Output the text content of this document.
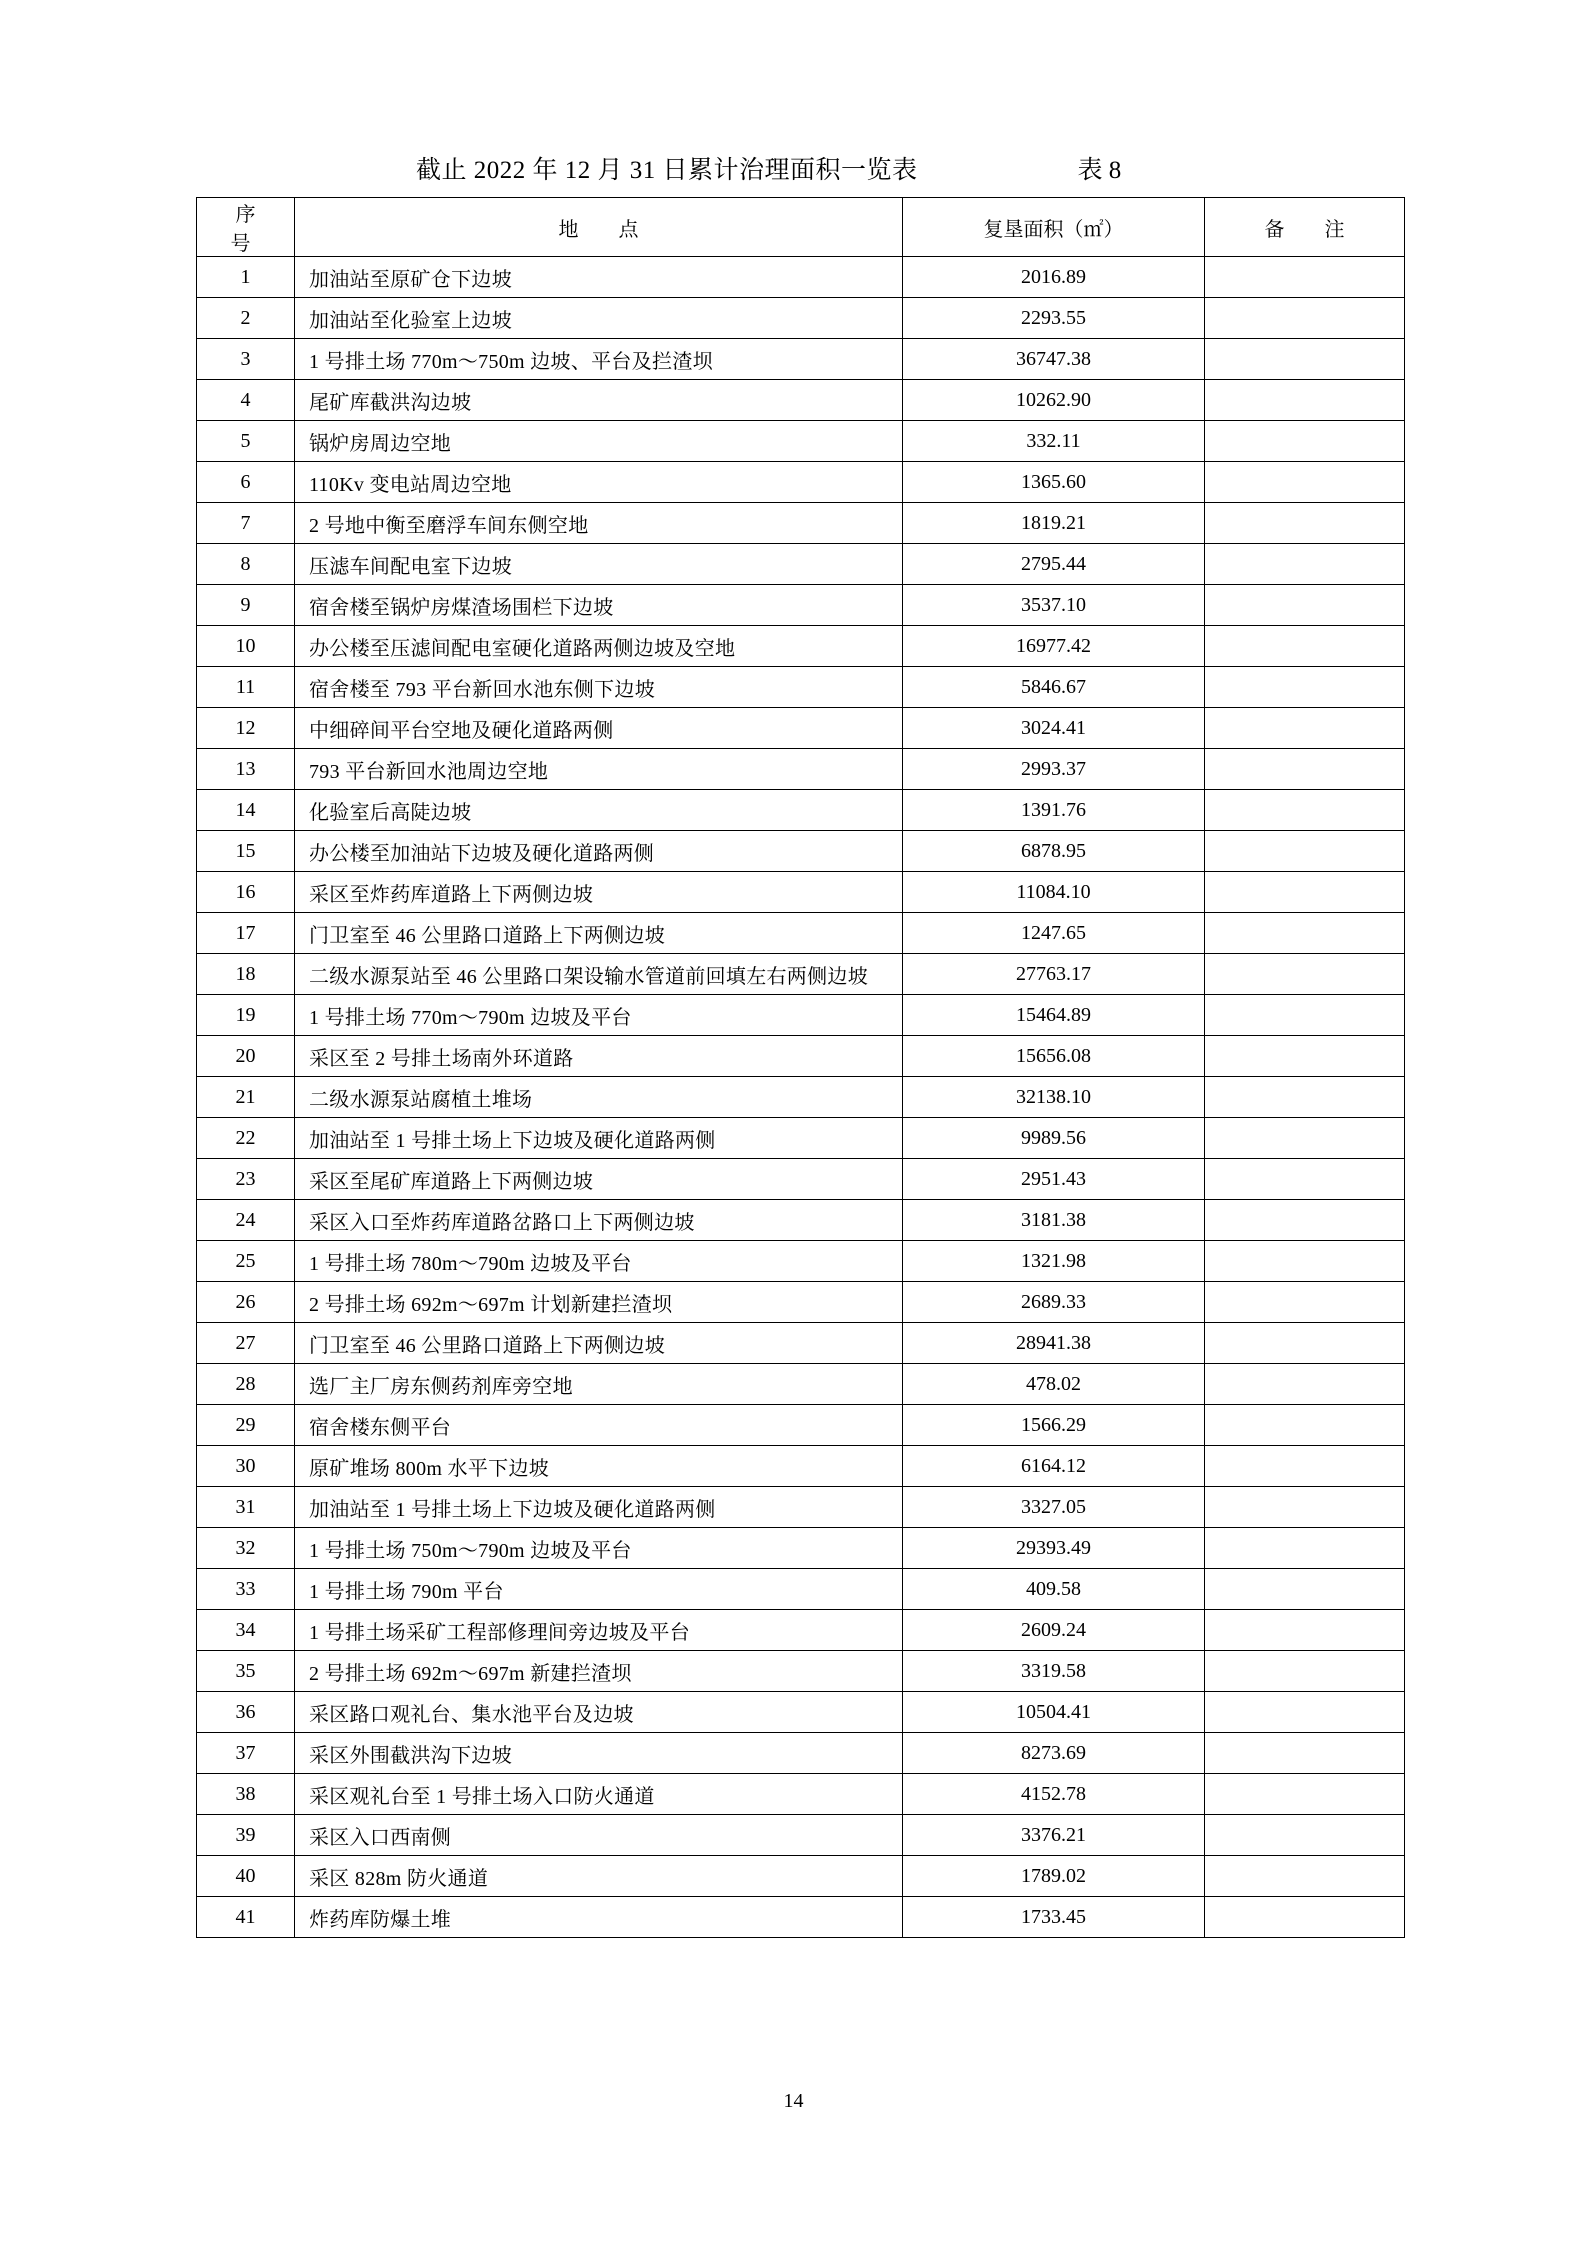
截止 2022 年 12 月 31 日累计治理面积一览表	表 8
序　号	地　点	复垦面积（㎡）	备　注
1	加油站至原矿仓下边坡	2016.89	
2	加油站至化验室上边坡	2293.55	
3	1 号排土场 770m～750m 边坡、平台及拦渣坝	36747.38	
4	尾矿库截洪沟边坡	10262.90	
5	锅炉房周边空地	332.11	
6	110Kv 变电站周边空地	1365.60	
7	2 号地中衡至磨浮车间东侧空地	1819.21	
8	压滤车间配电室下边坡	2795.44	
9	宿舍楼至锅炉房煤渣场围栏下边坡	3537.10	
10	办公楼至压滤间配电室硬化道路两侧边坡及空地	16977.42	
11	宿舍楼至 793 平台新回水池东侧下边坡	5846.67	
12	中细碎间平台空地及硬化道路两侧	3024.41	
13	793 平台新回水池周边空地	2993.37	
14	化验室后高陡边坡	1391.76	
15	办公楼至加油站下边坡及硬化道路两侧	6878.95	
16	采区至炸药库道路上下两侧边坡	11084.10	
17	门卫室至 46 公里路口道路上下两侧边坡	1247.65	
18	二级水源泵站至 46 公里路口架设输水管道前回填左右两侧边坡	27763.17	
19	1 号排土场 770m～790m 边坡及平台	15464.89	
20	采区至 2 号排土场南外环道路	15656.08	
21	二级水源泵站腐植土堆场	32138.10	
22	加油站至 1 号排土场上下边坡及硬化道路两侧	9989.56	
23	采区至尾矿库道路上下两侧边坡	2951.43	
24	采区入口至炸药库道路岔路口上下两侧边坡	3181.38	
25	1 号排土场 780m～790m 边坡及平台	1321.98	
26	2 号排土场 692m～697m 计划新建拦渣坝	2689.33	
27	门卫室至 46 公里路口道路上下两侧边坡	28941.38	
28	选厂主厂房东侧药剂库旁空地	478.02	
29	宿舍楼东侧平台	1566.29	
30	原矿堆场 800m 水平下边坡	6164.12	
31	加油站至 1 号排土场上下边坡及硬化道路两侧	3327.05	
32	1 号排土场 750m～790m 边坡及平台	29393.49	
33	1 号排土场 790m 平台	409.58	
34	1 号排土场采矿工程部修理间旁边坡及平台	2609.24	
35	2 号排土场 692m～697m 新建拦渣坝	3319.58	
36	采区路口观礼台、集水池平台及边坡	10504.41	
37	采区外围截洪沟下边坡	8273.69	
38	采区观礼台至 1 号排土场入口防火通道	4152.78	
39	采区入口西南侧	3376.21	
40	采区 828m 防火通道	1789.02	
41	炸药库防爆土堆	1733.45	
14
